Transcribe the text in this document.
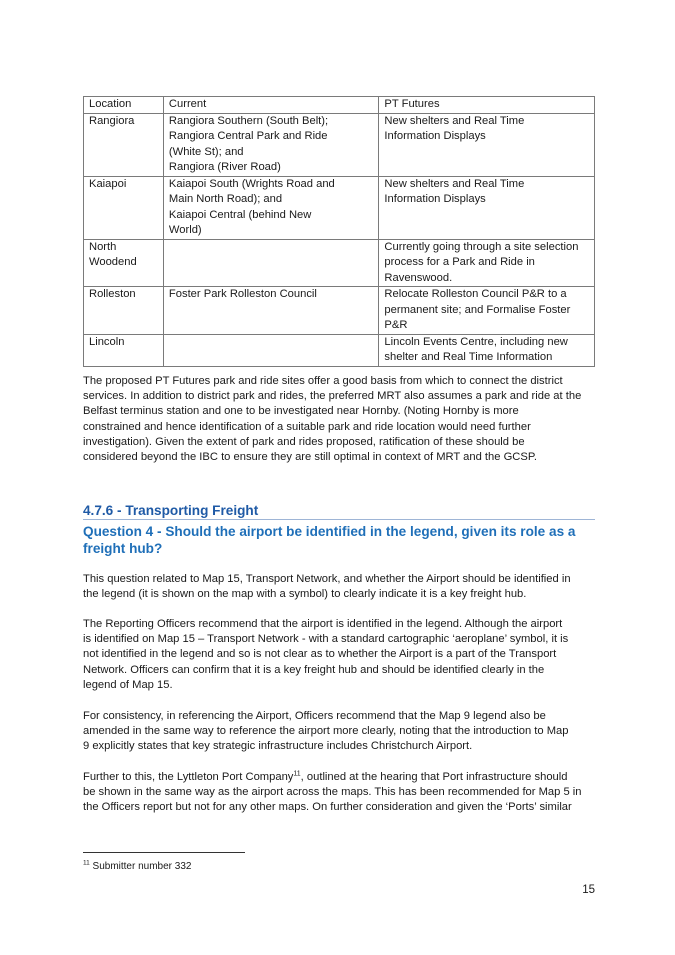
Location	Current	PT Futures

Rangiora	Rangiora Southern (South Belt);
Rangiora Central Park and Ride
(White St); and
Rangiora (River Road)	New shelters and Real Time
Information Displays

Kaiapoi	Kaiapoi South (Wrights Road and
Main North Road); and
Kaiapoi Central (behind New
World)	New shelters and Real Time
Information Displays

North
Woodend		Currently going through a site selection
process for a Park and Ride in
Ravenswood.

Rolleston	Foster Park Rolleston Council	Relocate Rolleston Council P&R to a
permanent site; and Formalise Foster
P&R

Lincoln		Lincoln Events Centre, including new
shelter and Real Time Information

The proposed PT Futures park and ride sites offer a good basis from which to connect the district
services. In addition to district park and rides, the preferred MRT also assumes a park and ride at the
Belfast terminus station and one to be investigated near Hornby. (Noting Hornby is more
constrained and hence identification of a suitable park and ride location would need further
investigation). Given the extent of park and rides proposed, ratification of these should be
considered beyond the IBC to ensure they are still optimal in context of MRT and the GCSP.

4.7.6 - Transporting Freight
Question 4 - Should the airport be identified in the legend, given its role as a
freight hub?

This question related to Map 15, Transport Network, and whether the Airport should be identified in
the legend (it is shown on the map with a symbol) to clearly indicate it is a key freight hub.

The Reporting Officers recommend that the airport is identified in the legend. Although the airport
is identified on Map 15 – Transport Network - with a standard cartographic ‘aeroplane’ symbol, it is
not identified in the legend and so is not clear as to whether the Airport is a part of the Transport
Network. Officers can confirm that it is a key freight hub and should be identified clearly in the
legend of Map 15.

For consistency, in referencing the Airport, Officers recommend that the Map 9 legend also be
amended in the same way to reference the airport more clearly, noting that the introduction to Map
9 explicitly states that key strategic infrastructure includes Christchurch Airport.

Further to this, the Lyttleton Port Company$^{11}$, outlined at the hearing that Port infrastructure should
be shown in the same way as the airport across the maps. This has been recommended for Map 5 in
the Officers report but not for any other maps. On further consideration and given the ‘Ports’ similar

$^{11}$ Submitter number 332

15
